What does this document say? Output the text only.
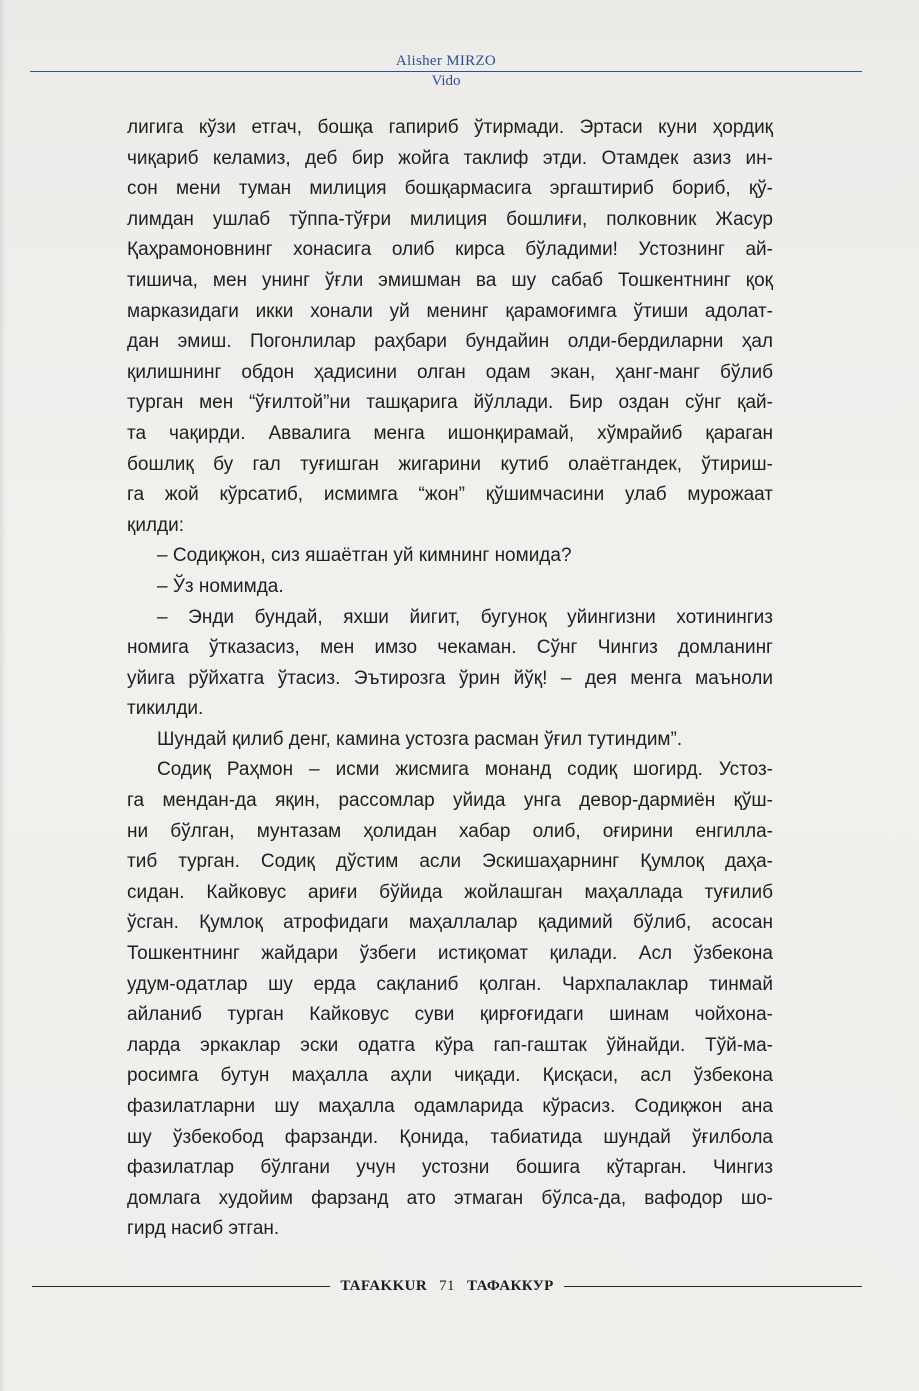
Alisher MIRZO
Vido
лигига кўзи етгач, бошқа гапириб ўтирмади. Эртаси куни ҳордиқ
чиқариб келамиз, деб бир жойга таклиф этди. Отамдек азиз ин-
сон мени туман милиция бошқармасига эргаштириб бориб, қў-
лимдан ушлаб тўппа-тўғри милиция бошлиғи, полковник Жасур
Қаҳрамоновнинг хонасига олиб кирса бўладими! Устознинг ай-
тишича, мен унинг ўғли эмишман ва шу сабаб Тошкентнинг қоқ
марказидаги икки хонали уй менинг қарамоғимга ўтиши адолат-
дан эмиш. Погонлилар раҳбари бундайин олди-бердиларни ҳал
қилишнинг обдон ҳадисини олган одам экан, ҳанг-манг бўлиб
турган мен “ўғилтой”ни ташқарига йўллади. Бир оздан сўнг қай-
та чақирди. Аввалига менга ишонқирамай, хўмрайиб қараган
бошлиқ бу гал туғишган жигарини кутиб олаётгандек, ўтириш-
га жой кўрсатиб, исмимга “жон” қўшимчасини улаб мурожаат
қилди:
– Содиқжон, сиз яшаётган уй кимнинг номида?
– Ўз номимда.
– Энди бундай, яхши йигит, бугуноқ уйингизни хотинингиз
номига ўтказасиз, мен имзо чекаман. Сўнг Чингиз домланинг
уйига рўйхатга ўтасиз. Эътирозга ўрин йўқ! – дея менга маъноли
тикилди.
Шундай қилиб денг, камина устозга расман ўғил тутиндим”.
Содиқ Раҳмон – исми жисмига монанд содиқ шогирд. Устоз-
га мендан-да яқин, рассомлар уйида унга девор-дармиён қўш-
ни бўлган, мунтазам ҳолидан хабар олиб, оғирини енгилла-
тиб турган. Содиқ дўстим асли Эскишаҳарнинг Қумлоқ даҳа-
сидан. Кайковус ариғи бўйида жойлашган маҳаллада туғилиб
ўсган. Қумлоқ атрофидаги маҳаллалар қадимий бўлиб, асосан
Тошкентнинг жайдари ўзбеги истиқомат қилади. Асл ўзбекона
удум-одатлар шу ерда сақланиб қолган. Чархпалаклар тинмай
айланиб турган Кайковус суви қирғоғидаги шинам чойхона-
ларда эркаклар эски одатга кўра гап-гаштак ўйнайди. Тўй-ма-
росимга бутун маҳалла аҳли чиқади. Қисқаси, асл ўзбекона
фазилатларни шу маҳалла одамларида кўрасиз. Содиқжон ана
шу ўзбекобод фарзанди. Қонида, табиатида шундай ўғилбола
фазилатлар бўлгани учун устозни бошига кўтарган. Чингиз
домлага худойим фарзанд ато этмаган бўлса-да, вафодор шо-
гирд насиб этган.
TAFAKKUR 71 ТАФАККУР
